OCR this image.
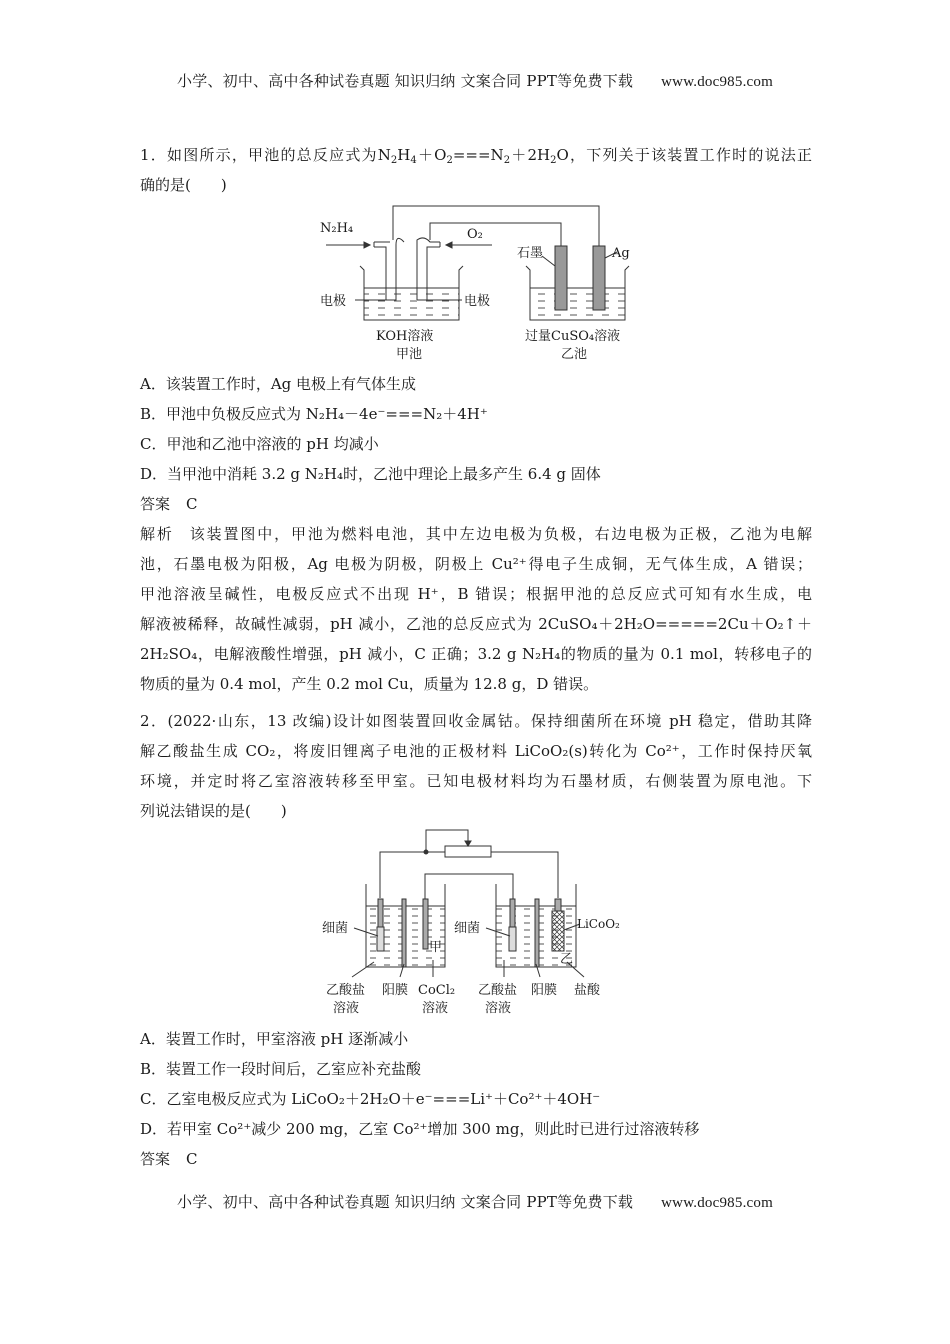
小学、初中、高中各种试卷真题 知识归纳 文案合同 PPT等免费下载 www.doc985.com
1．如图所示，甲池的总反应式为$N_2H_4+O_2===N_2+2H_2O$，下列关于该装置工作时的说法正
确的是(　　)
N₂H₄	O₂
石墨	Ag
电极	电极
KOH溶液
甲池
过量CuSO₄溶液
乙池
A．该装置工作时，Ag 电极上有气体生成
B．甲池中负极反应式为 N₂H₄－4e⁻===N₂＋4H⁺
C．甲池和乙池中溶液的 pH 均减小
D．当甲池中消耗 3.2 g N₂H₄时，乙池中理论上最多产生 6.4 g 固体
答案 C
解析 该装置图中，甲池为燃料电池，其中左边电极为负极，右边电极为正极，乙池为电解
池，石墨电极为阳极，Ag 电极为阴极，阴极上 Cu²⁺得电子生成铜，无气体生成，A 错误；
甲池溶液呈碱性，电极反应式不出现 H⁺，B 错误；根据甲池的总反应式可知有水生成，电
解液被稀释，故碱性减弱，pH 减小，乙池的总反应式为 2CuSO₄＋2H₂O=====2Cu＋O₂↑＋
2H₂SO₄，电解液酸性增强，pH 减小，C 正确；3.2 g N₂H₄的物质的量为 0.1 mol，转移电子的
物质的量为 0.4 mol，产生 0.2 mol Cu，质量为 12.8 g，D 错误。
2．(2022·山东，13 改编)设计如图装置回收金属钴。保持细菌所在环境 pH 稳定，借助其降
解乙酸盐生成 CO₂，将废旧锂离子电池的正极材料 LiCoO₂(s)转化为 Co²⁺，工作时保持厌氧
环境，并定时将乙室溶液转移至甲室。已知电极材料均为石墨材质，右侧装置为原电池。下
列说法错误的是(　　)
细菌	细菌
甲
乙
LiCoO₂
乙酸盐
溶液
阳膜 CoCl₂
溶液
乙酸盐
溶液
阳膜 盐酸
A．装置工作时，甲室溶液 pH 逐渐减小
B．装置工作一段时间后，乙室应补充盐酸
C．乙室电极反应式为 LiCoO₂＋2H₂O＋e⁻===Li⁺＋Co²⁺＋4OH⁻
D．若甲室 Co²⁺减少 200 mg，乙室 Co²⁺增加 300 mg，则此时已进行过溶液转移
答案 C
小学、初中、高中各种试卷真题 知识归纳 文案合同 PPT等免费下载 www.doc985.com
